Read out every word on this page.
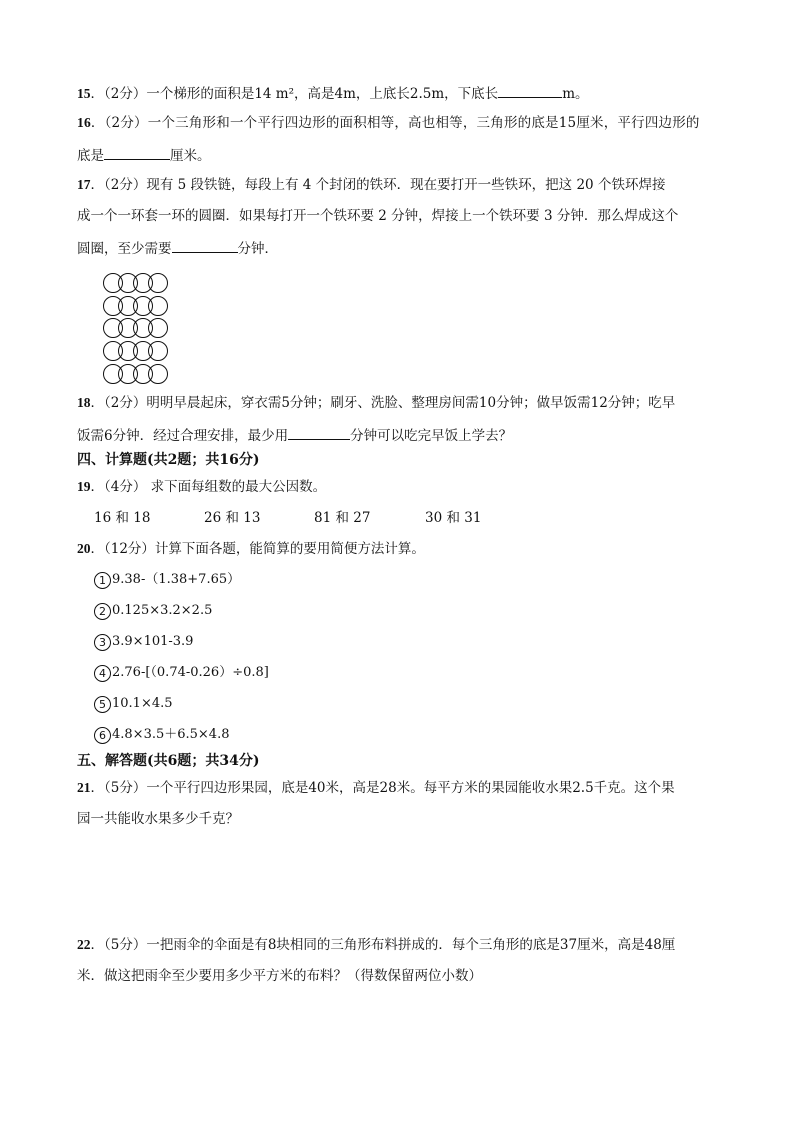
15．（2分）一个梯形的面积是14 m²，高是4m，上底长2.5m，下底长	m。
16．（2分）一个三角形和一个平行四边形的面积相等，高也相等，三角形的底是15厘米，平行四边形的
底是	厘米。
17．（2分）现有 5 段铁链，每段上有 4 个封闭的铁环．现在要打开一些铁环，把这 20 个铁环焊接
成一个一环套一环的圆圈．如果每打开一个铁环要 2 分钟，焊接上一个铁环要 3 分钟．那么焊成这个
圆圈，至少需要	分钟．
18．（2分）明明早晨起床，穿衣需5分钟；刷牙、洗脸、整理房间需10分钟；做早饭需12分钟；吃早
饭需6分钟．经过合理安排，最少用	分钟可以吃完早饭上学去？
四、计算题(共2题；共16分)
19．（4分） 求下面每组数的最大公因数。
16 和 18	26 和 13	81 和 27	30 和 31
20．（12分）计算下面各题，能简算的要用简便方法计算。
1 9.38-（1.38+7.65）
2 0.125×3.2×2.5
3 3.9×101-3.9
4 2.76-[（0.74-0.26）÷0.8]
5 10.1×4.5
6 4.8×3.5＋6.5×4.8
五、解答题(共6题；共34分)
21．（5分）一个平行四边形果园，底是40米，高是28米。每平方米的果园能收水果2.5千克。这个果
园一共能收水果多少千克？
22．（5分）一把雨伞的伞面是有8块相同的三角形布料拼成的．每个三角形的底是37厘米，高是48厘
米．做这把雨伞至少要用多少平方米的布料？（得数保留两位小数）
